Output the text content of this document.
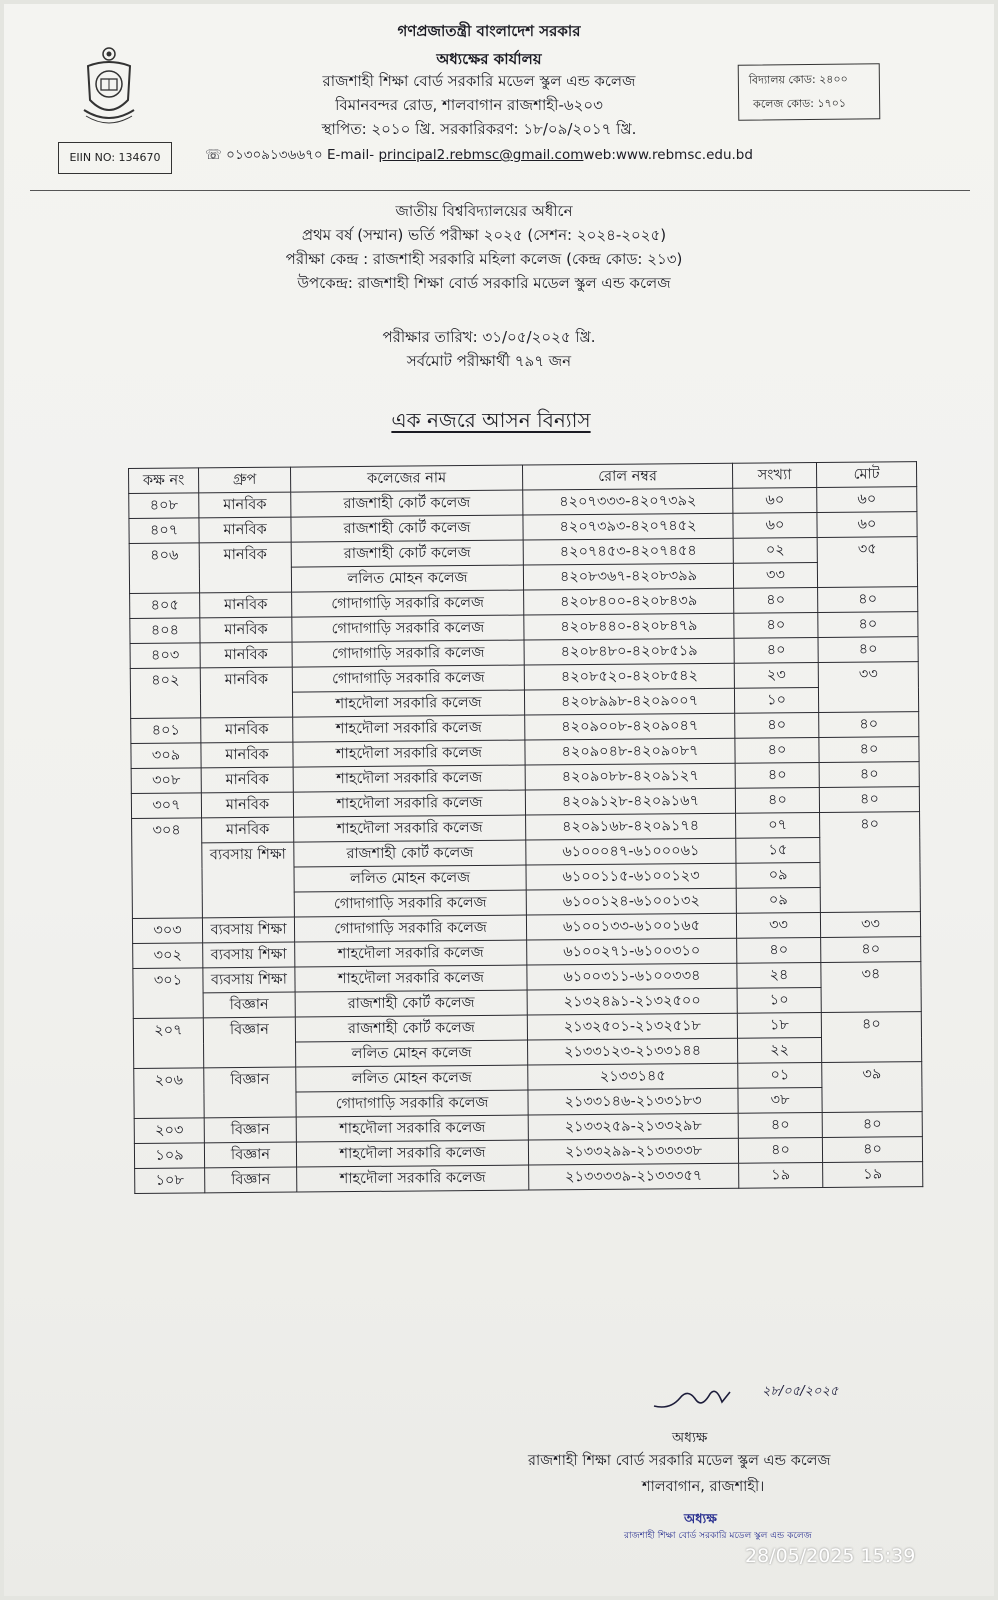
গণপ্রজাতন্ত্রী বাংলাদেশ সরকার
অধ্যক্ষের কার্যালয়
রাজশাহী শিক্ষা বোর্ড সরকারি মডেল স্কুল এন্ড কলেজ
বিমানবন্দর রোড, শালবাগান রাজশাহী-৬২০৩
স্থাপিত: ২০১০ খ্রি. সরকারিকরণ: ১৮/০৯/২০১৭ খ্রি.
☏ ০১৩০৯১৩৬৬৭০ E-mail- principal2.rebmsc@gmail.comweb:www.rebmsc.edu.bd
EIIN NO: 134670
বিদ্যালয় কোড: ২৪০০
কলেজ কোড: ১৭০১
জাতীয় বিশ্ববিদ্যালয়ের অধীনে
প্রথম বর্ষ (সম্মান) ভর্তি পরীক্ষা ২০২৫ (সেশন: ২০২৪-২০২৫)
পরীক্ষা কেন্দ্র : রাজশাহী সরকারি মহিলা কলেজ (কেন্দ্র কোড: ২১৩)
উপকেন্দ্র: রাজশাহী শিক্ষা বোর্ড সরকারি মডেল স্কুল এন্ড কলেজ
পরীক্ষার তারিখ: ৩১/০৫/২০২৫ খ্রি.
সর্বমোট পরীক্ষার্থী ৭৯৭ জন
এক নজরে আসন বিন্যাস
কক্ষ নং	গ্রুপ	কলেজের নাম	রোল নম্বর	সংখ্যা	মোট
৪০৮	মানবিক	রাজশাহী কোর্ট কলেজ	৪২০৭৩৩৩-৪২০৭৩৯২	৬০	৬০
৪০৭	মানবিক	রাজশাহী কোর্ট কলেজ	৪২০৭৩৯৩-৪২০৭৪৫২	৬০	৬০
৪০৬	মানবিক	রাজশাহী কোর্ট কলেজ	৪২০৭৪৫৩-৪২০৭৪৫৪	০২	৩৫
		ললিত মোহন কলেজ	৪২০৮৩৬৭-৪২০৮৩৯৯	৩৩	
৪০৫	মানবিক	গোদাগাড়ি সরকারি কলেজ	৪২০৮৪০০-৪২০৮৪৩৯	৪০	৪০
৪০৪	মানবিক	গোদাগাড়ি সরকারি কলেজ	৪২০৮৪৪০-৪২০৮৪৭৯	৪০	৪০
৪০৩	মানবিক	গোদাগাড়ি সরকারি কলেজ	৪২০৮৪৮০-৪২০৮৫১৯	৪০	৪০
৪০২	মানবিক	গোদাগাড়ি সরকারি কলেজ	৪২০৮৫২০-৪২০৮৫৪২	২৩	৩৩
		শাহদৌলা সরকারি কলেজ	৪২০৮৯৯৮-৪২০৯০০৭	১০	
৪০১	মানবিক	শাহদৌলা সরকারি কলেজ	৪২০৯০০৮-৪২০৯০৪৭	৪০	৪০
৩০৯	মানবিক	শাহদৌলা সরকারি কলেজ	৪২০৯০৪৮-৪২০৯০৮৭	৪০	৪০
৩০৮	মানবিক	শাহদৌলা সরকারি কলেজ	৪২০৯০৮৮-৪২০৯১২৭	৪০	৪০
৩০৭	মানবিক	শাহদৌলা সরকারি কলেজ	৪২০৯১২৮-৪২০৯১৬৭	৪০	৪০
৩০৪	মানবিক	শাহদৌলা সরকারি কলেজ	৪২০৯১৬৮-৪২০৯১৭৪	০৭	৪০
	ব্যবসায় শিক্ষা	রাজশাহী কোর্ট কলেজ	৬১০০০৪৭-৬১০০০৬১	১৫	
		ললিত মোহন কলেজ	৬১০০১১৫-৬১০০১২৩	০৯	
		গোদাগাড়ি সরকারি কলেজ	৬১০০১২৪-৬১০০১৩২	০৯	
৩০৩	ব্যবসায় শিক্ষা	গোদাগাড়ি সরকারি কলেজ	৬১০০১৩৩-৬১০০১৬৫	৩৩	৩৩
৩০২	ব্যবসায় শিক্ষা	শাহদৌলা সরকারি কলেজ	৬১০০২৭১-৬১০০৩১০	৪০	৪০
৩০১	ব্যবসায় শিক্ষা	শাহদৌলা সরকারি কলেজ	৬১০০৩১১-৬১০০৩৩৪	২৪	৩৪
	বিজ্ঞান	রাজশাহী কোর্ট কলেজ	২১৩২৪৯১-২১৩২৫০০	১০	
২০৭	বিজ্ঞান	রাজশাহী কোর্ট কলেজ	২১৩২৫০১-২১৩২৫১৮	১৮	৪০
		ললিত মোহন কলেজ	২১৩৩১২৩-২১৩৩১৪৪	২২	
২০৬	বিজ্ঞান	ললিত মোহন কলেজ	২১৩৩১৪৫	০১	৩৯
		গোদাগাড়ি সরকারি কলেজ	২১৩৩১৪৬-২১৩৩১৮৩	৩৮	
২০৩	বিজ্ঞান	শাহদৌলা সরকারি কলেজ	২১৩৩২৫৯-২১৩৩২৯৮	৪০	৪০
১০৯	বিজ্ঞান	শাহদৌলা সরকারি কলেজ	২১৩৩২৯৯-২১৩৩৩৩৮	৪০	৪০
১০৮	বিজ্ঞান	শাহদৌলা সরকারি কলেজ	২১৩৩৩৩৯-২১৩৩৩৫৭	১৯	১৯
২৮/০৫/২০২৫
অধ্যক্ষ
রাজশাহী শিক্ষা বোর্ড সরকারি মডেল স্কুল এন্ড কলেজ
শালবাগান, রাজশাহী।
অধ্যক্ষ
রাজশাহী শিক্ষা বোর্ড সরকারি মডেল স্কুল এন্ড কলেজ
28/05/2025 15:39
